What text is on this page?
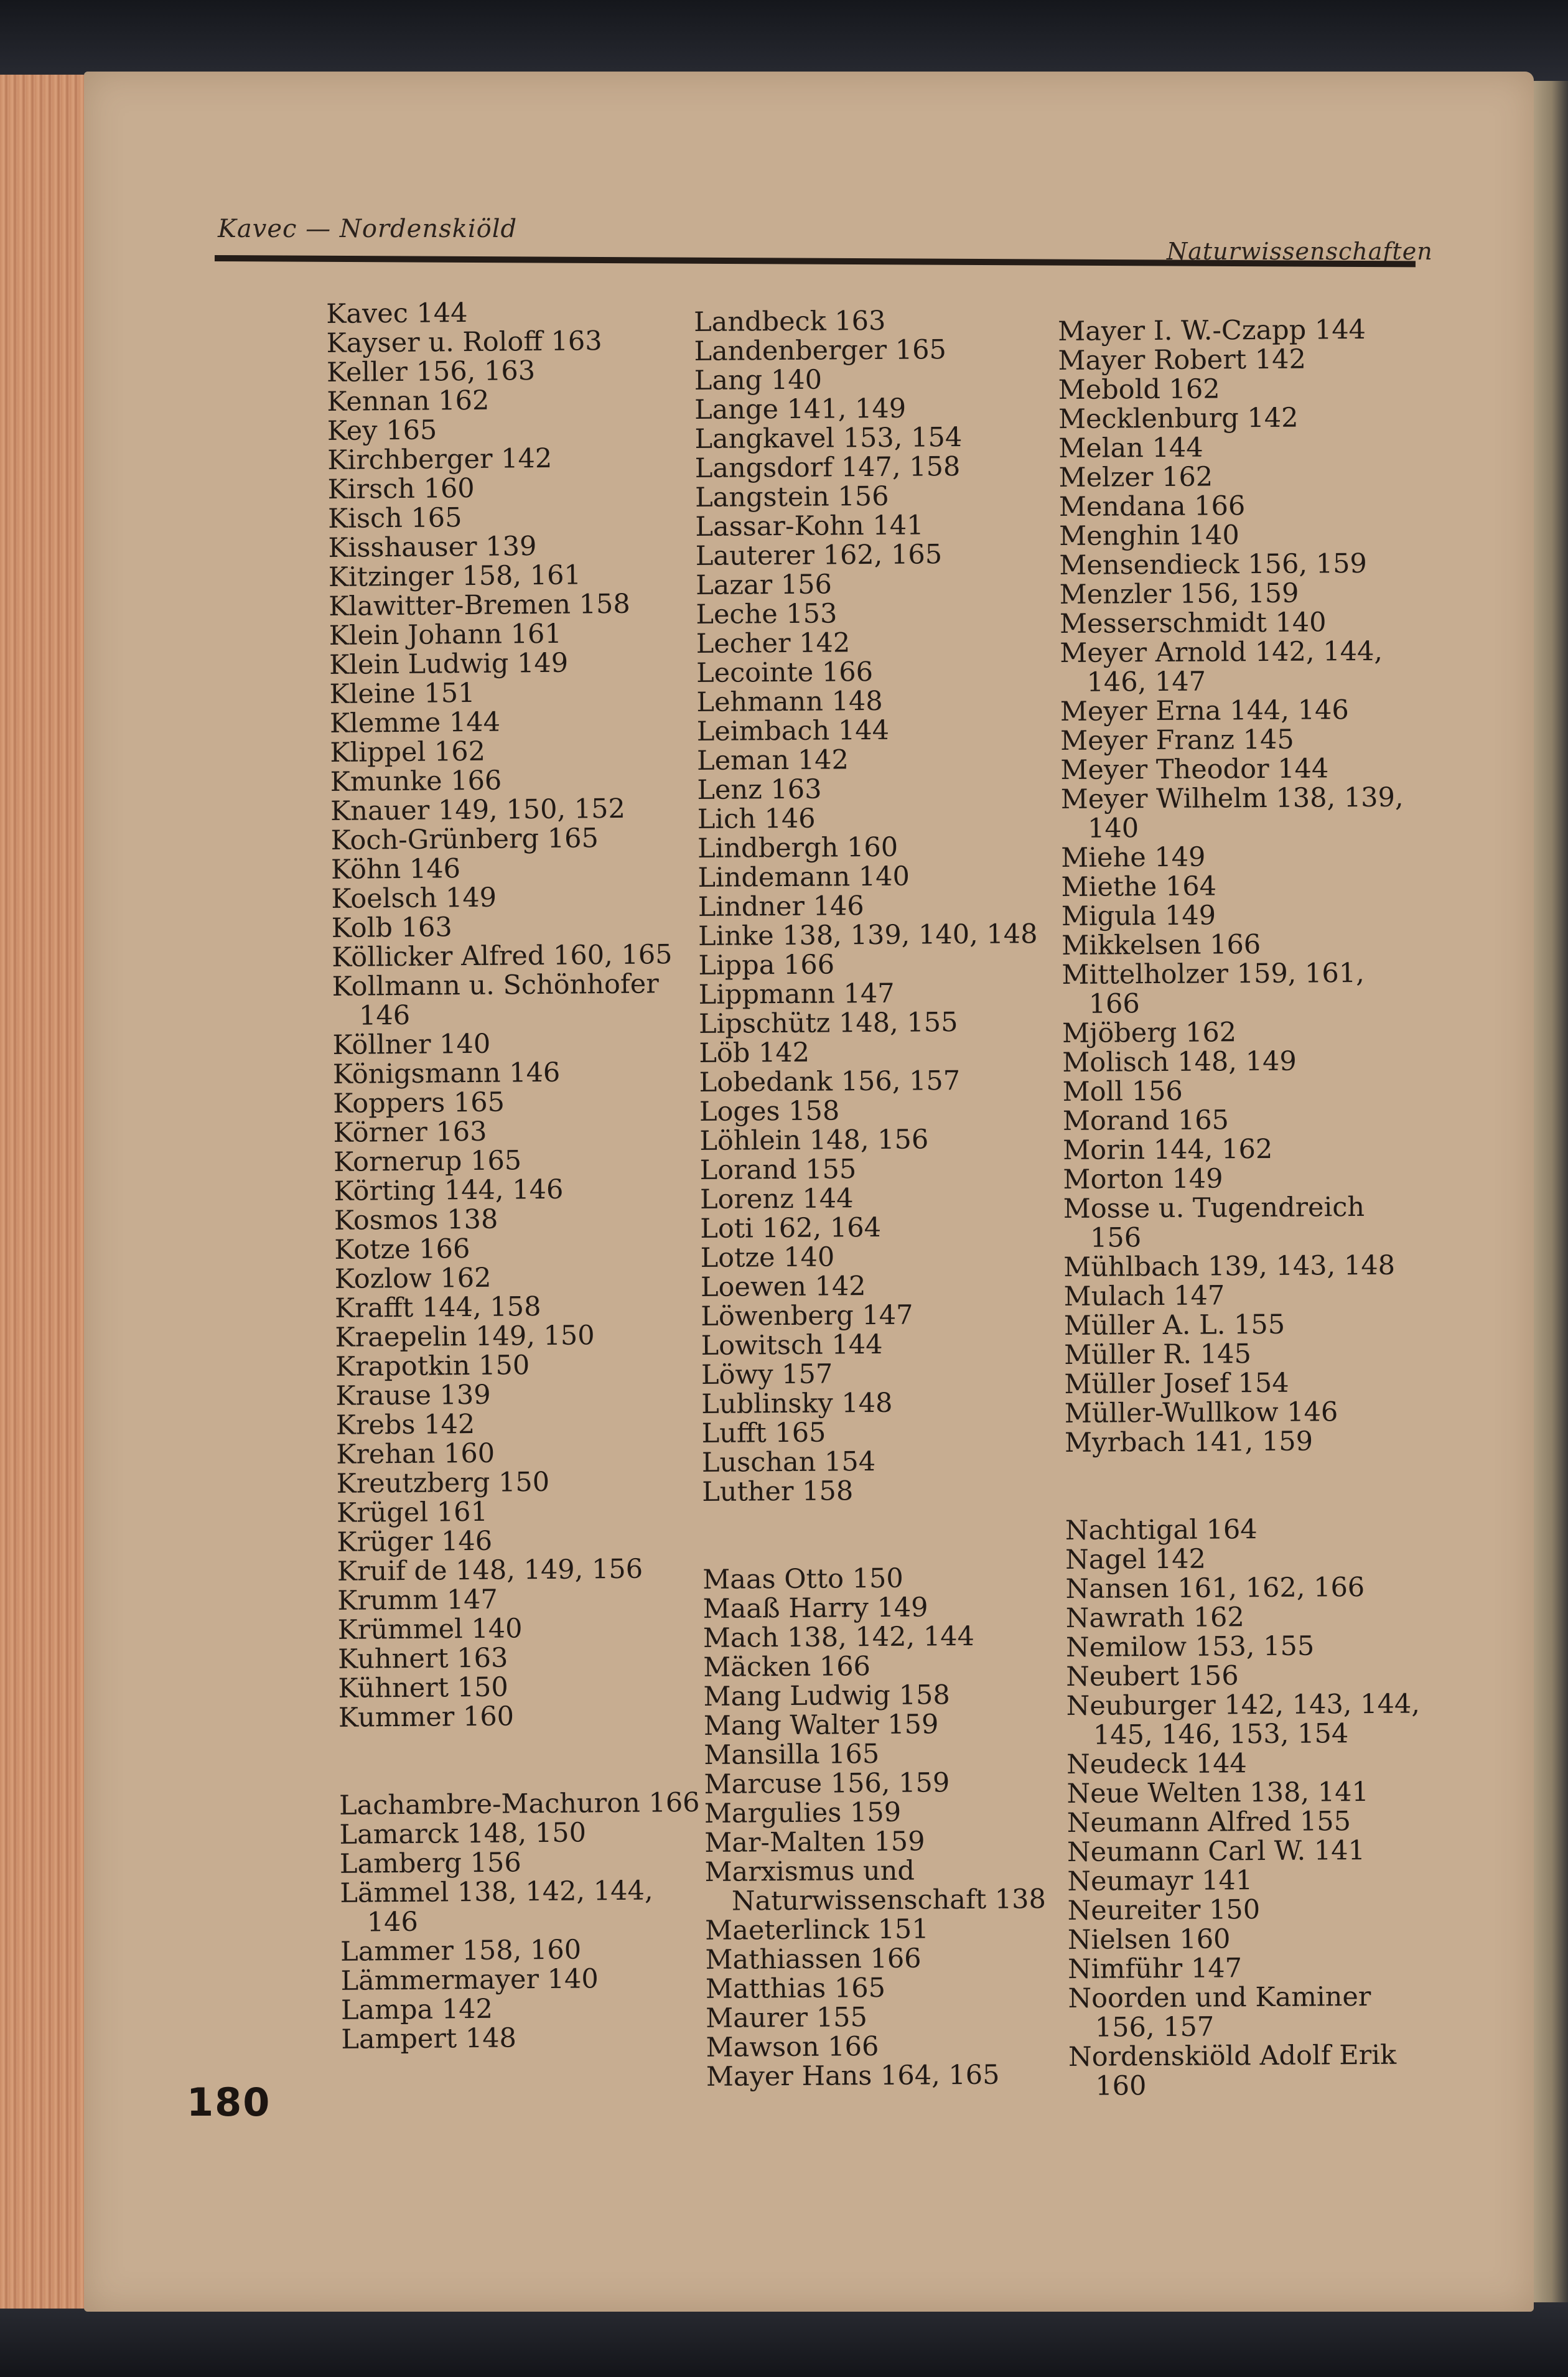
Kavec — Nordenskiöld
Naturwissenschaften
Kavec 144
Kayser u. Roloff 163
Keller 156, 163
Kennan 162
Key 165
Kirchberger 142
Kirsch 160
Kisch 165
Kisshauser 139
Kitzinger 158, 161
Klawitter-Bremen 158
Klein Johann 161
Klein Ludwig 149
Kleine 151
Klemme 144
Klippel 162
Kmunke 166
Knauer 149, 150, 152
Koch-Grünberg 165
Köhn 146
Koelsch 149
Kolb 163
Köllicker Alfred 160, 165
Kollmann u. Schönhofer 146
Köllner 140
Königsmann 146
Koppers 165
Körner 163
Kornerup 165
Körting 144, 146
Kosmos 138
Kotze 166
Kozlow 162
Krafft 144, 158
Kraepelin 149, 150
Krapotkin 150
Krause 139
Krebs 142
Krehan 160
Kreutzberg 150
Krügel 161
Krüger 146
Kruif de 148, 149, 156
Krumm 147
Krümmel 140
Kuhnert 163
Kühnert 150
Kummer 160
Lachambre-Machuron 166
Lamarck 148, 150
Lamberg 156
Lämmel 138, 142, 144, 146
Lammer 158, 160
Lämmermayer 140
Lampa 142
Lampert 148
Landbeck 163
Landenberger 165
Lang 140
Lange 141, 149
Langkavel 153, 154
Langsdorf 147, 158
Langstein 156
Lassar-Kohn 141
Lauterer 162, 165
Lazar 156
Leche 153
Lecher 142
Lecointe 166
Lehmann 148
Leimbach 144
Leman 142
Lenz 163
Lich 146
Lindbergh 160
Lindemann 140
Lindner 146
Linke 138, 139, 140, 148
Lippa 166
Lippmann 147
Lipschütz 148, 155
Löb 142
Lobedank 156, 157
Loges 158
Löhlein 148, 156
Lorand 155
Lorenz 144
Loti 162, 164
Lotze 140
Loewen 142
Löwenberg 147
Lowitsch 144
Löwy 157
Lublinsky 148
Lufft 165
Luschan 154
Luther 158
Maas Otto 150
Maaß Harry 149
Mach 138, 142, 144
Mäcken 166
Mang Ludwig 158
Mang Walter 159
Mansilla 165
Marcuse 156, 159
Margulies 159
Mar-Malten 159
Marxismus und Naturwissenschaft 138
Maeterlinck 151
Mathiassen 166
Matthias 165
Maurer 155
Mawson 166
Mayer Hans 164, 165
Mayer I. W.-Czapp 144
Mayer Robert 142
Mebold 162
Mecklenburg 142
Melan 144
Melzer 162
Mendana 166
Menghin 140
Mensendieck 156, 159
Menzler 156, 159
Messerschmidt 140
Meyer Arnold 142, 144, 146, 147
Meyer Erna 144, 146
Meyer Franz 145
Meyer Theodor 144
Meyer Wilhelm 138, 139, 140
Miehe 149
Miethe 164
Migula 149
Mikkelsen 166
Mittelholzer 159, 161, 166
Mjöberg 162
Molisch 148, 149
Moll 156
Morand 165
Morin 144, 162
Morton 149
Mosse u. Tugendreich 156
Mühlbach 139, 143, 148
Mulach 147
Müller A. L. 155
Müller R. 145
Müller Josef 154
Müller-Wullkow 146
Myrbach 141, 159
Nachtigal 164
Nagel 142
Nansen 161, 162, 166
Nawrath 162
Nemilow 153, 155
Neubert 156
Neuburger 142, 143, 144, 145, 146, 153, 154
Neudeck 144
Neue Welten 138, 141
Neumann Alfred 155
Neumann Carl W. 141
Neumayr 141
Neureiter 150
Nielsen 160
Nimführ 147
Noorden und Kaminer 156, 157
Nordenskiöld Adolf Erik 160
180
